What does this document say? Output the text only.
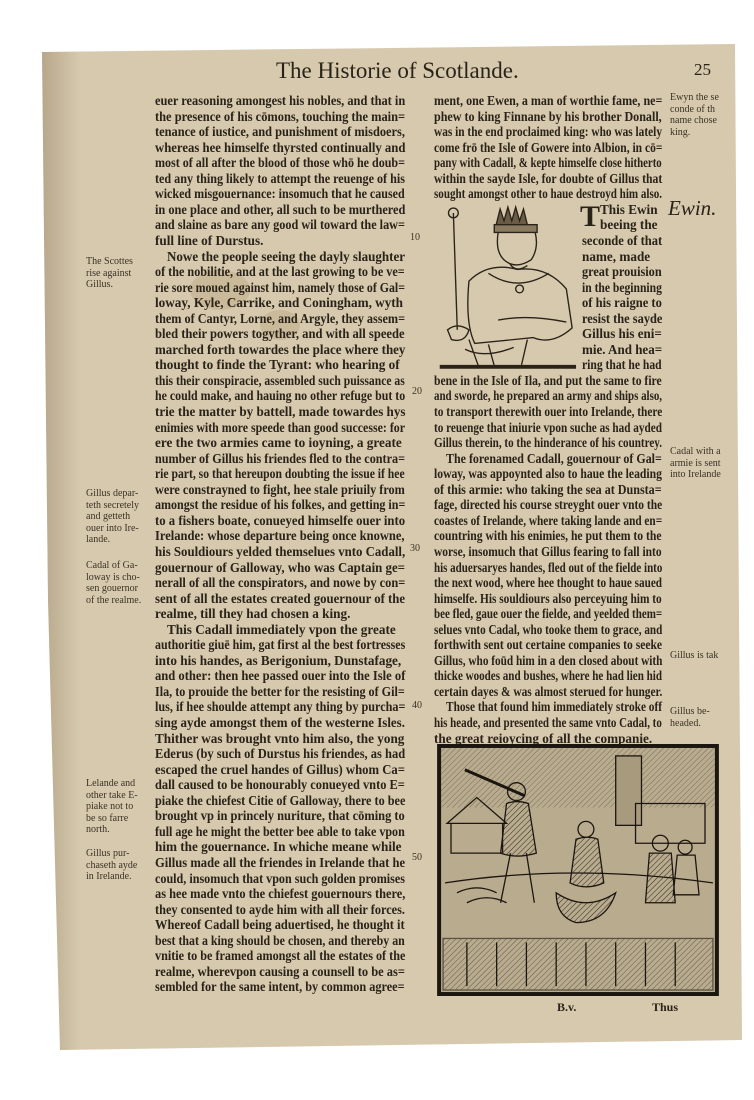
The Historie of Scotlande.	25
Ewin.
euer reasoning amongest his nobles, and that in
the presence of his cōmons, touching the main=
tenance of iustice, and punishment of misdoers,
whereas hee himselfe thyrsted continually and
most of all after the blood of those whō he doub=
ted any thing likely to attempt the reuenge of his
wicked misgouernance: insomuch that he caused
in one place and other, all such to be murthered
and slaine as bare any good wil toward the law=
full line of Durstus.
Nowe the people seeing the dayly slaughter
of the nobilitie, and at the last growing to be ve=
rie sore moued against him, namely those of Gal=
loway, Kyle, Carrike, and Coningham, wyth
them of Cantyr, Lorne, and Argyle, they assem=
bled their powers togyther, and with all speede
marched forth towardes the place where they
thought to finde the Tyrant: who hearing of
this their conspiracie, assembled such puissance as
he could make, and hauing no other refuge but to
trie the matter by battell, made towardes hys
enimies with more speede than good successe: for
ere the two armies came to ioyning, a greate
number of Gillus his friendes fled to the contra=
rie part, so that hereupon doubting the issue if hee
were constrayned to fight, hee stale priuily from
amongst the residue of his folkes, and getting in=
to a fishers boate, conueyed himselfe ouer into
Irelande: whose departure being once knowne,
his Souldiours yelded themselues vnto Cadall,
gouernour of Galloway, who was Captain ge=
nerall of all the conspirators, and nowe by con=
sent of all the estates created gouernour of the
realme, till they had chosen a king.
This Cadall immediately vpon the greate
authoritie giuē him, gat first al the best fortresses
into his handes, as Berigonium, Dunstafage,
and other: then hee passed ouer into the Isle of
Ila, to prouide the better for the resisting of Gil=
lus, if hee shoulde attempt any thing by purcha=
sing ayde amongst them of the westerne Isles.
Thither was brought vnto him also, the yong
Ederus (by such of Durstus his friendes, as had
escaped the cruel handes of Gillus) whom Ca=
dall caused to be honourably conueyed vnto E=
piake the chiefest Citie of Galloway, there to bee
brought vp in princely nuriture, that cōming to
full age he might the better bee able to take vpon
him the gouernance. In whiche meane while
Gillus made all the friendes in Irelande that he
could, insomuch that vpon such golden promises
as hee made vnto the chiefest gouernours there,
they consented to ayde him with all their forces.
Whereof Cadall being aduertised, he thought it
best that a king should be chosen, and thereby an
vnitie to be framed amongst all the estates of the
realme, wherevpon causing a counsell to be as=
sembled for the same intent, by common agree=
ment, one Ewen, a man of worthie fame, ne=
phew to king Finnane by his brother Donall,
was in the end proclaimed king: who was lately
come frō the Isle of Gowere into Albion, in cō=
pany with Cadall, & kepte himselfe close hitherto
within the sayde Isle, for doubte of Gillus that
sought amongst other to haue destroyd him also.
This Ewin
beeing the
seconde of that
name, made
great prouision
in the beginning
of his raigne to
resist the sayde
Gillus his eni=
mie. And hea=
ring that he had
bene in the Isle of Ila, and put the same to fire
and sworde, he prepared an army and ships also,
to transport therewith ouer into Irelande, there
to reuenge that iniurie vpon suche as had ayded
Gillus therein, to the hinderance of his countrey.
The forenamed Cadall, gouernour of Gal=
loway, was appoynted also to haue the leading
of this armie: who taking the sea at Dunsta=
fage, directed his course streyght ouer vnto the
coastes of Irelande, where taking lande and en=
countring with his enimies, he put them to the
worse, insomuch that Gillus fearing to fall into
his aduersaryes handes, fled out of the fielde into
the next wood, where hee thought to haue saued
himselfe. His souldiours also perceyuing him to
bee fled, gaue ouer the fielde, and yeelded them=
selues vnto Cadal, who tooke them to grace, and
forthwith sent out certaine companies to seeke
Gillus, who foūd him in a den closed about with
thicke woodes and bushes, where he had lien hid
certain dayes & was almost sterued for hunger.
Those that found him immediately stroke off
his heade, and presented the same vnto Cadal, to
the great reioycing of all the companie.
T
The Scottes
rise against
Gillus.
Gillus depar-
teth secretely
and getteth
ouer into Ire-
lande.
Cadal of Ga-
loway is cho-
sen gouernor
of the realme.
Lelande and
other take E-
piake not to
be so farre
north.
Gillus pur-
chaseth ayde
in Irelande.
Ewyn the se
conde of th
name chose
king.
Cadal with a
armie is sent
into Irelande
Gillus is tak
Gillus be-
headed.
10
20
30
40
50
B.v.	Thus
